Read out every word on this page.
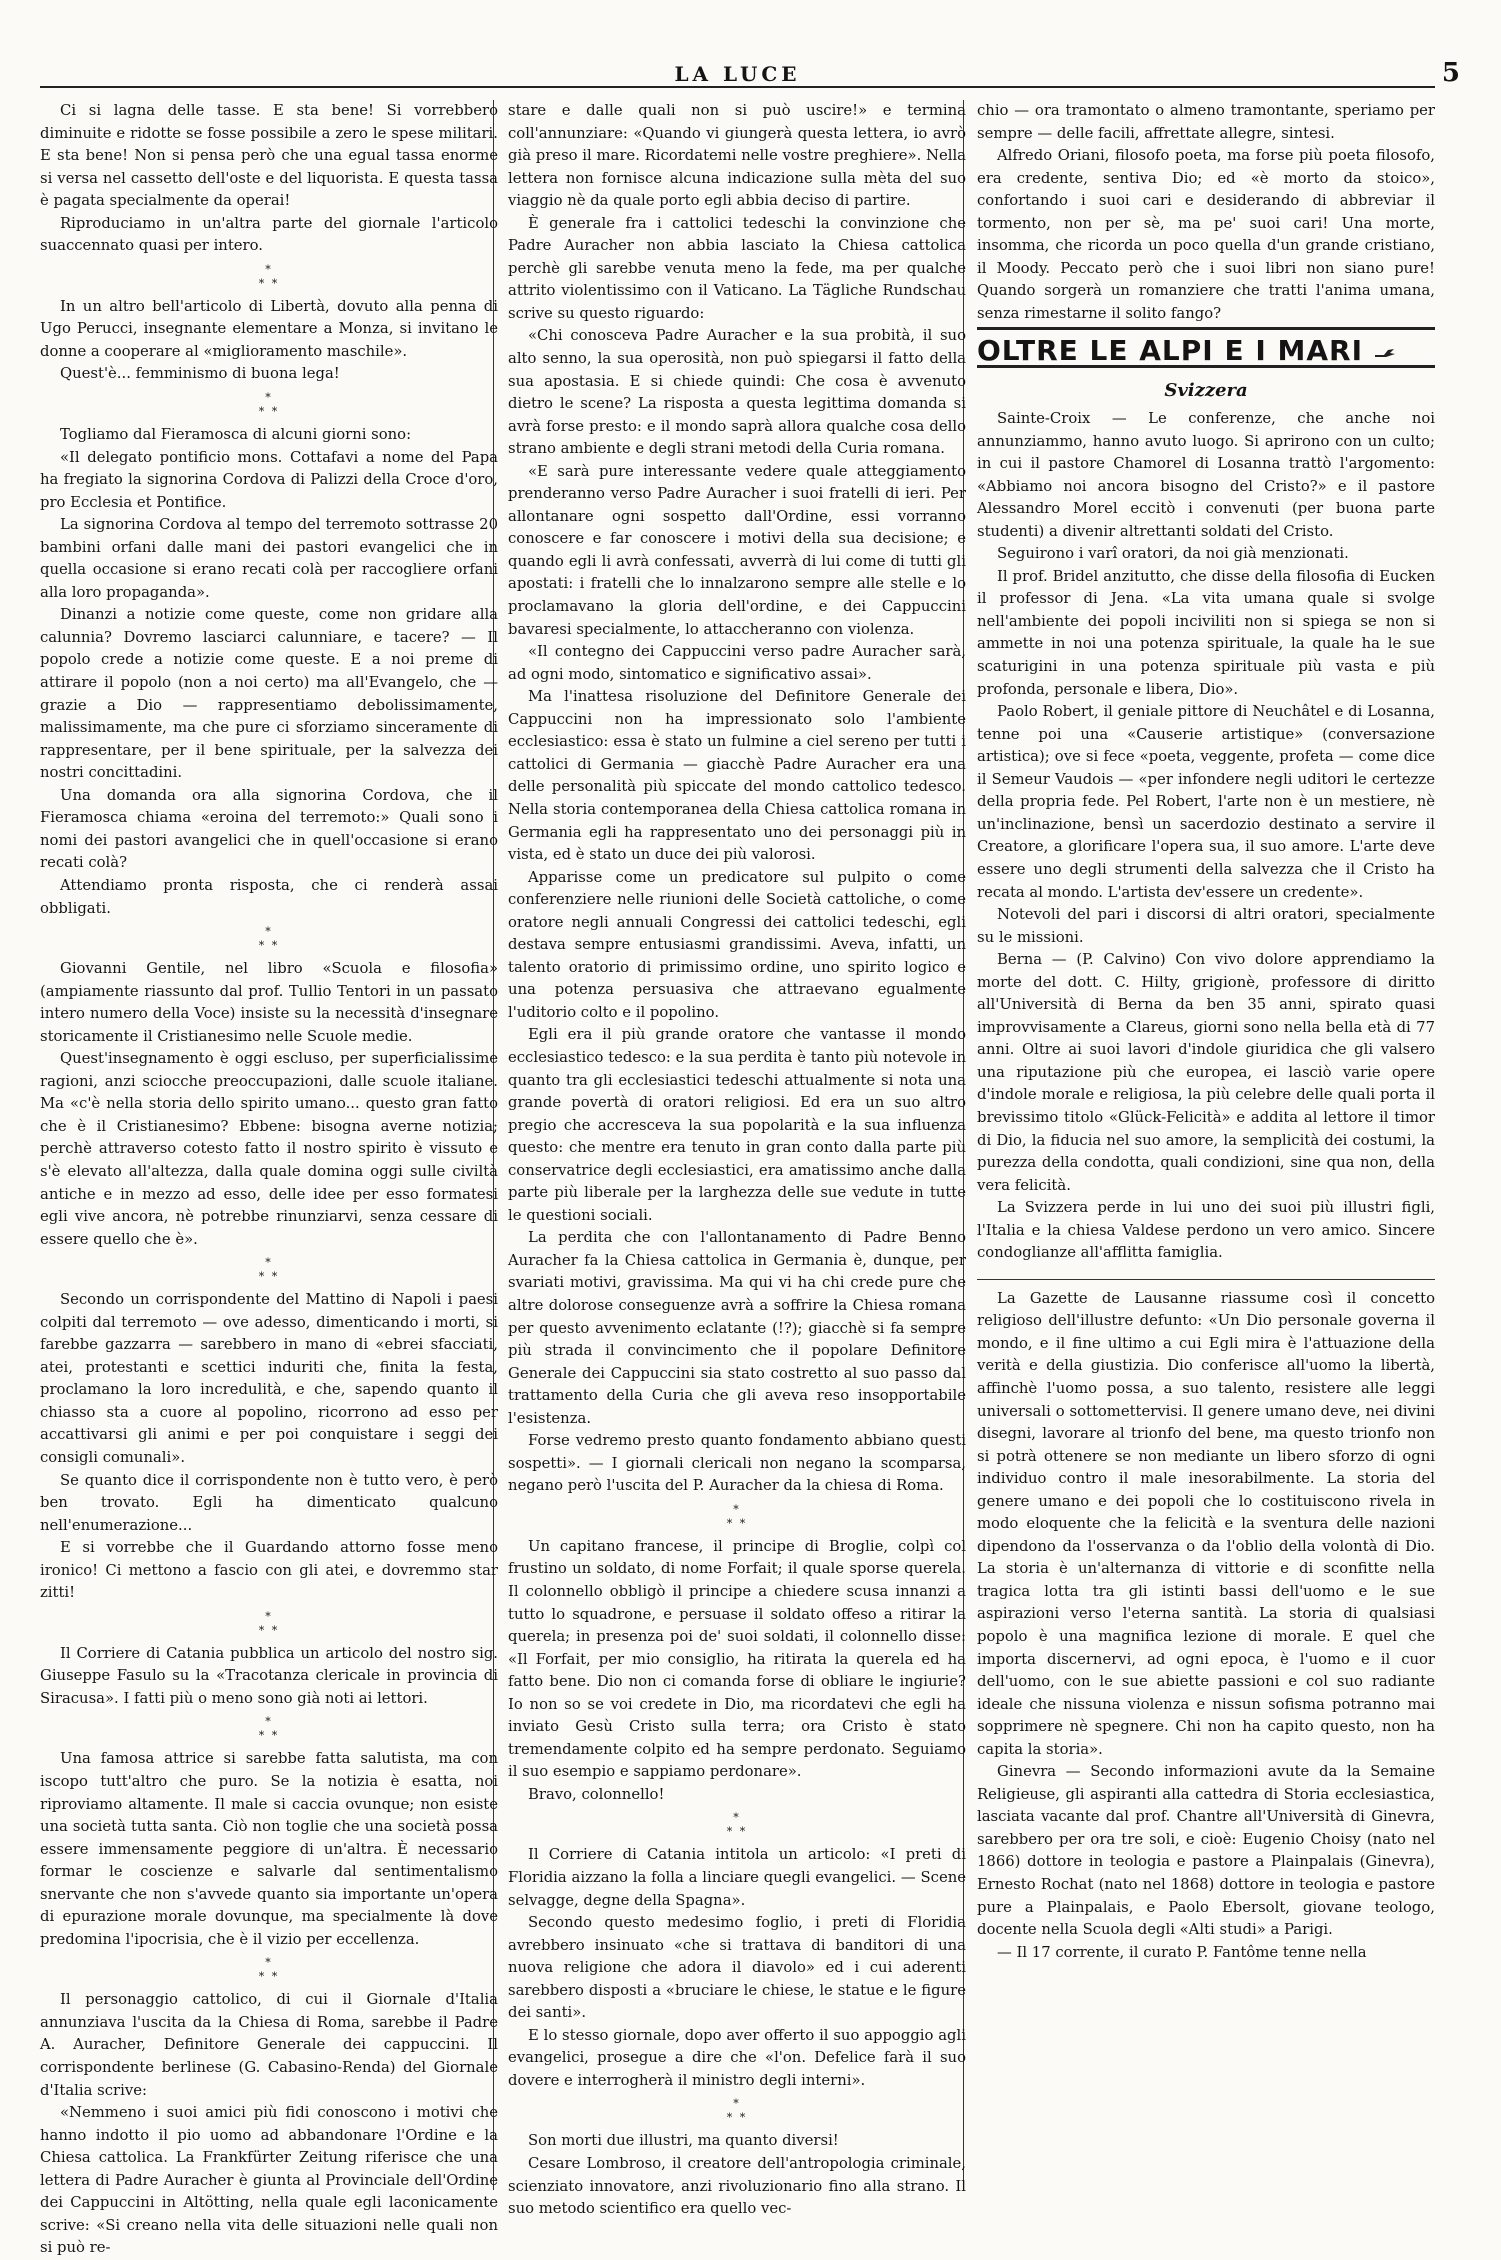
LA LUCE	5

Ci si lagna delle tasse. E sta bene! Si vorrebbero diminuite e ridotte se fosse possibile a zero le spese militari. E sta bene! Non si pensa però che una egual tassa enorme si versa nel cassetto dell'oste e del liquorista. E questa tassa è pagata specialmente da operai!

Riproduciamo in un'altra parte del giornale l'articolo suaccennato quasi per intero.

*
* *

In un altro bell'articolo di Libertà, dovuto alla penna di Ugo Perucci, insegnante elementare a Monza, si invitano le donne a cooperare al «miglioramento maschile».

Quest'è... femminismo di buona lega!

*
* *

Togliamo dal Fieramosca di alcuni giorni sono:

«Il delegato pontificio mons. Cottafavi a nome del Papa ha fregiato la signorina Cordova di Palizzi della Croce d'oro, pro Ecclesia et Pontifice.

La signorina Cordova al tempo del terremoto sottrasse 20 bambini orfani dalle mani dei pastori evangelici che in quella occasione si erano recati colà per raccogliere orfani alla loro propaganda».

Dinanzi a notizie come queste, come non gridare alla calunnia? Dovremo lasciarci calunniare, e tacere? — Il popolo crede a notizie come queste. E a noi preme di attirare il popolo (non a noi certo) ma all'Evangelo, che — grazie a Dio — rappresentiamo debolissimamente, malissimamente, ma che pure ci sforziamo sinceramente di rappresentare, per il bene spirituale, per la salvezza dei nostri concittadini.

Una domanda ora alla signorina Cordova, che il Fieramosca chiama «eroina del terremoto:» Quali sono i nomi dei pastori avangelici che in quell'occasione si erano recati colà?

Attendiamo pronta risposta, che ci renderà assai obbligati.

*
* *

Giovanni Gentile, nel libro «Scuola e filosofia» (ampiamente riassunto dal prof. Tullio Tentori in un passato intero numero della Voce) insiste su la necessità d'insegnare storicamente il Cristianesimo nelle Scuole medie.

Quest'insegnamento è oggi escluso, per superficialissime ragioni, anzi sciocche preoccupazioni, dalle scuole italiane. Ma «c'è nella storia dello spirito umano... questo gran fatto che è il Cristianesimo? Ebbene: bisogna averne notizia; perchè attraverso cotesto fatto il nostro spirito è vissuto e s'è elevato all'altezza, dalla quale domina oggi sulle civiltà antiche e in mezzo ad esso, delle idee per esso formatesi egli vive ancora, nè potrebbe rinunziarvi, senza cessare di essere quello che è».

*
* *

Secondo un corrispondente del Mattino di Napoli i paesi colpiti dal terremoto — ove adesso, dimenticando i morti, si farebbe gazzarra — sarebbero in mano di «ebrei sfacciati, atei, protestanti e scettici induriti che, finita la festa, proclamano la loro incredulità, e che, sapendo quanto il chiasso sta a cuore al popolino, ricorrono ad esso per accattivarsi gli animi e per poi conquistare i seggi dei consigli comunali».

Se quanto dice il corrispondente non è tutto vero, è però ben trovato. Egli ha dimenticato qualcuno nell'enumerazione...

E si vorrebbe che il Guardando attorno fosse meno ironico! Ci mettono a fascio con gli atei, e dovremmo star zitti!

*
* *

Il Corriere di Catania pubblica un articolo del nostro sig. Giuseppe Fasulo su la «Tracotanza clericale in provincia di Siracusa». I fatti più o meno sono già noti ai lettori.

*
* *

Una famosa attrice si sarebbe fatta salutista, ma con iscopo tutt'altro che puro. Se la notizia è esatta, noi riproviamo altamente. Il male si caccia ovunque; non esiste una società tutta santa. Ciò non toglie che una società possa essere immensamente peggiore di un'altra. È necessario formar le coscienze e salvarle dal sentimentalismo snervante che non s'avvede quanto sia importante un'opera di epurazione morale dovunque, ma specialmente là dove predomina l'ipocrisia, che è il vizio per eccellenza.

*
* *

Il personaggio cattolico, di cui il Giornale d'Italia annunziava l'uscita da la Chiesa di Roma, sarebbe il Padre A. Auracher, Definitore Generale dei cappuccini. Il corrispondente berlinese (G. Cabasino-Renda) del Giornale d'Italia scrive:

«Nemmeno i suoi amici più fidi conoscono i motivi che hanno indotto il pio uomo ad abbandonare l'Ordine e la Chiesa cattolica. La Frankfürter Zeitung riferisce che una lettera di Padre Auracher è giunta al Provinciale dell'Ordine dei Cappuccini in Altötting, nella quale egli laconicamente scrive: «Si creano nella vita delle situazioni nelle quali non si può re-

stare e dalle quali non si può uscire!» e termina coll'annunziare: «Quando vi giungerà questa lettera, io avrò già preso il mare. Ricordatemi nelle vostre preghiere». Nella lettera non fornisce alcuna indicazione sulla mèta del suo viaggio nè da quale porto egli abbia deciso di partire.

È generale fra i cattolici tedeschi la convinzione che Padre Auracher non abbia lasciato la Chiesa cattolica perchè gli sarebbe venuta meno la fede, ma per qualche attrito violentissimo con il Vaticano. La Tägliche Rundschau scrive su questo riguardo:

«Chi conosceva Padre Auracher e la sua probità, il suo alto senno, la sua operosità, non può spiegarsi il fatto della sua apostasia. E si chiede quindi: Che cosa è avvenuto dietro le scene? La risposta a questa legittima domanda si avrà forse presto: e il mondo saprà allora qualche cosa dello strano ambiente e degli strani metodi della Curia romana.

«E sarà pure interessante vedere quale atteggiamento prenderanno verso Padre Auracher i suoi fratelli di ieri. Per allontanare ogni sospetto dall'Ordine, essi vorranno conoscere e far conoscere i motivi della sua decisione; e quando egli li avrà confessati, avverrà di lui come di tutti gli apostati: i fratelli che lo innalzarono sempre alle stelle e lo proclamavano la gloria dell'ordine, e dei Cappuccini bavaresi specialmente, lo attaccheranno con violenza.

«Il contegno dei Cappuccini verso padre Auracher sarà, ad ogni modo, sintomatico e significativo assai».

Ma l'inattesa risoluzione del Definitore Generale dei Cappuccini non ha impressionato solo l'ambiente ecclesiastico: essa è stato un fulmine a ciel sereno per tutti i cattolici di Germania — giacchè Padre Auracher era una delle personalità più spiccate del mondo cattolico tedesco. Nella storia contemporanea della Chiesa cattolica romana in Germania egli ha rappresentato uno dei personaggi più in vista, ed è stato un duce dei più valorosi.

Apparisse come un predicatore sul pulpito o come conferenziere nelle riunioni delle Società cattoliche, o come oratore negli annuali Congressi dei cattolici tedeschi, egli destava sempre entusiasmi grandissimi. Aveva, infatti, un talento oratorio di primissimo ordine, uno spirito logico e una potenza persuasiva che attraevano egualmente l'uditorio colto e il popolino.

Egli era il più grande oratore che vantasse il mondo ecclesiastico tedesco: e la sua perdita è tanto più notevole in quanto tra gli ecclesiastici tedeschi attualmente si nota una grande povertà di oratori religiosi. Ed era un suo altro pregio che accresceva la sua popolarità e la sua influenza questo: che mentre era tenuto in gran conto dalla parte più conservatrice degli ecclesiastici, era amatissimo anche dalla parte più liberale per la larghezza delle sue vedute in tutte le questioni sociali.

La perdita che con l'allontanamento di Padre Benno Auracher fa la Chiesa cattolica in Germania è, dunque, per svariati motivi, gravissima. Ma qui vi ha chi crede pure che altre dolorose conseguenze avrà a soffrire la Chiesa romana per questo avvenimento eclatante (!?); giacchè si fa sempre più strada il convincimento che il popolare Definitore Generale dei Cappuccini sia stato costretto al suo passo dal trattamento della Curia che gli aveva reso insopportabile l'esistenza.

Forse vedremo presto quanto fondamento abbiano questi sospetti». — I giornali clericali non negano la scomparsa, negano però l'uscita del P. Auracher da la chiesa di Roma.

*
* *

Un capitano francese, il principe di Broglie, colpì col frustino un soldato, di nome Forfait; il quale sporse querela. Il colonnello obbligò il principe a chiedere scusa innanzi a tutto lo squadrone, e persuase il soldato offeso a ritirar la querela; in presenza poi de' suoi soldati, il colonnello disse: «Il Forfait, per mio consiglio, ha ritirata la querela ed ha fatto bene. Dio non ci comanda forse di obliare le ingiurie? Io non so se voi credete in Dio, ma ricordatevi che egli ha inviato Gesù Cristo sulla terra; ora Cristo è stato tremendamente colpito ed ha sempre perdonato. Seguiamo il suo esempio e sappiamo perdonare».

Bravo, colonnello!

*
* *

Il Corriere di Catania intitola un articolo: «I preti di Floridia aizzano la folla a linciare quegli evangelici. — Scene selvagge, degne della Spagna».

Secondo questo medesimo foglio, i preti di Floridia avrebbero insinuato «che si trattava di banditori di una nuova religione che adora il diavolo» ed i cui aderenti sarebbero disposti a «bruciare le chiese, le statue e le figure dei santi».

E lo stesso giornale, dopo aver offerto il suo appoggio agli evangelici, prosegue a dire che «l'on. Defelice farà il suo dovere e interrogherà il ministro degli interni».

*
* *

Son morti due illustri, ma quanto diversi!

Cesare Lombroso, il creatore dell'antropologia criminale, scienziato innovatore, anzi rivoluzionario fino alla strano. Il suo metodo scientifico era quello vec-

chio — ora tramontato o almeno tramontante, speriamo per sempre — delle facili, affrettate allegre, sintesi.

Alfredo Oriani, filosofo poeta, ma forse più poeta filosofo, era credente, sentiva Dio; ed «è morto da stoico», confortando i suoi cari e desiderando di abbreviar il tormento, non per sè, ma pe' suoi cari! Una morte, insomma, che ricorda un poco quella d'un grande cristiano, il Moody. Peccato però che i suoi libri non siano pure! Quando sorgerà un romanziere che tratti l'anima umana, senza rimestarne il solito fango?

OLTRE LE ALPI E I MARI
Svizzera

Sainte-Croix — Le conferenze, che anche noi annunziammo, hanno avuto luogo. Si aprirono con un culto; in cui il pastore Chamorel di Losanna trattò l'argomento: «Abbiamo noi ancora bisogno del Cristo?» e il pastore Alessandro Morel eccitò i convenuti (per buona parte studenti) a divenir altrettanti soldati del Cristo.

Seguirono i varî oratori, da noi già menzionati.

Il prof. Bridel anzitutto, che disse della filosofia di Eucken il professor di Jena. «La vita umana quale si svolge nell'ambiente dei popoli inciviliti non si spiega se non si ammette in noi una potenza spirituale, la quale ha le sue scaturigini in una potenza spirituale più vasta e più profonda, personale e libera, Dio».

Paolo Robert, il geniale pittore di Neuchâtel e di Losanna, tenne poi una «Causerie artistique» (conversazione artistica); ove si fece «poeta, veggente, profeta — come dice il Semeur Vaudois — «per infondere negli uditori le certezze della propria fede. Pel Robert, l'arte non è un mestiere, nè un'inclinazione, bensì un sacerdozio destinato a servire il Creatore, a glorificare l'opera sua, il suo amore. L'arte deve essere uno degli strumenti della salvezza che il Cristo ha recata al mondo. L'artista dev'essere un credente».

Notevoli del pari i discorsi di altri oratori, specialmente su le missioni.

Berna — (P. Calvino) Con vivo dolore apprendiamo la morte del dott. C. Hilty, grigionè, professore di diritto all'Università di Berna da ben 35 anni, spirato quasi improvvisamente a Clareus, giorni sono nella bella età di 77 anni. Oltre ai suoi lavori d'indole giuridica che gli valsero una riputazione più che europea, ei lasciò varie opere d'indole morale e religiosa, la più celebre delle quali porta il brevissimo titolo «Glück-Felicità» e addita al lettore il timor di Dio, la fiducia nel suo amore, la semplicità dei costumi, la purezza della condotta, quali condizioni, sine qua non, della vera felicità.

La Svizzera perde in lui uno dei suoi più illustri figli, l'Italia e la chiesa Valdese perdono un vero amico. Sincere condoglianze all'afflitta famiglia.

La Gazette de Lausanne riassume così il concetto religioso dell'illustre defunto: «Un Dio personale governa il mondo, e il fine ultimo a cui Egli mira è l'attuazione della verità e della giustizia. Dio conferisce all'uomo la libertà, affinchè l'uomo possa, a suo talento, resistere alle leggi universali o sottomettervisi. Il genere umano deve, nei divini disegni, lavorare al trionfo del bene, ma questo trionfo non si potrà ottenere se non mediante un libero sforzo di ogni individuo contro il male inesorabilmente. La storia del genere umano e dei popoli che lo costituiscono rivela in modo eloquente che la felicità e la sventura delle nazioni dipendono da l'osservanza o da l'oblio della volontà di Dio. La storia è un'alternanza di vittorie e di sconfitte nella tragica lotta tra gli istinti bassi dell'uomo e le sue aspirazioni verso l'eterna santità. La storia di qualsiasi popolo è una magnifica lezione di morale. E quel che importa discernervi, ad ogni epoca, è l'uomo e il cuor dell'uomo, con le sue abiette passioni e col suo radiante ideale che nissuna violenza e nissun sofisma potranno mai sopprimere nè spegnere. Chi non ha capito questo, non ha capita la storia».

Ginevra — Secondo informazioni avute da la Semaine Religieuse, gli aspiranti alla cattedra di Storia ecclesiastica, lasciata vacante dal prof. Chantre all'Università di Ginevra, sarebbero per ora tre soli, e cioè: Eugenio Choisy (nato nel 1866) dottore in teologia e pastore a Plainpalais (Ginevra), Ernesto Rochat (nato nel 1868) dottore in teologia e pastore pure a Plainpalais, e Paolo Ebersolt, giovane teologo, docente nella Scuola degli «Alti studi» a Parigi.

— Il 17 corrente, il curato P. Fantôme tenne nella
